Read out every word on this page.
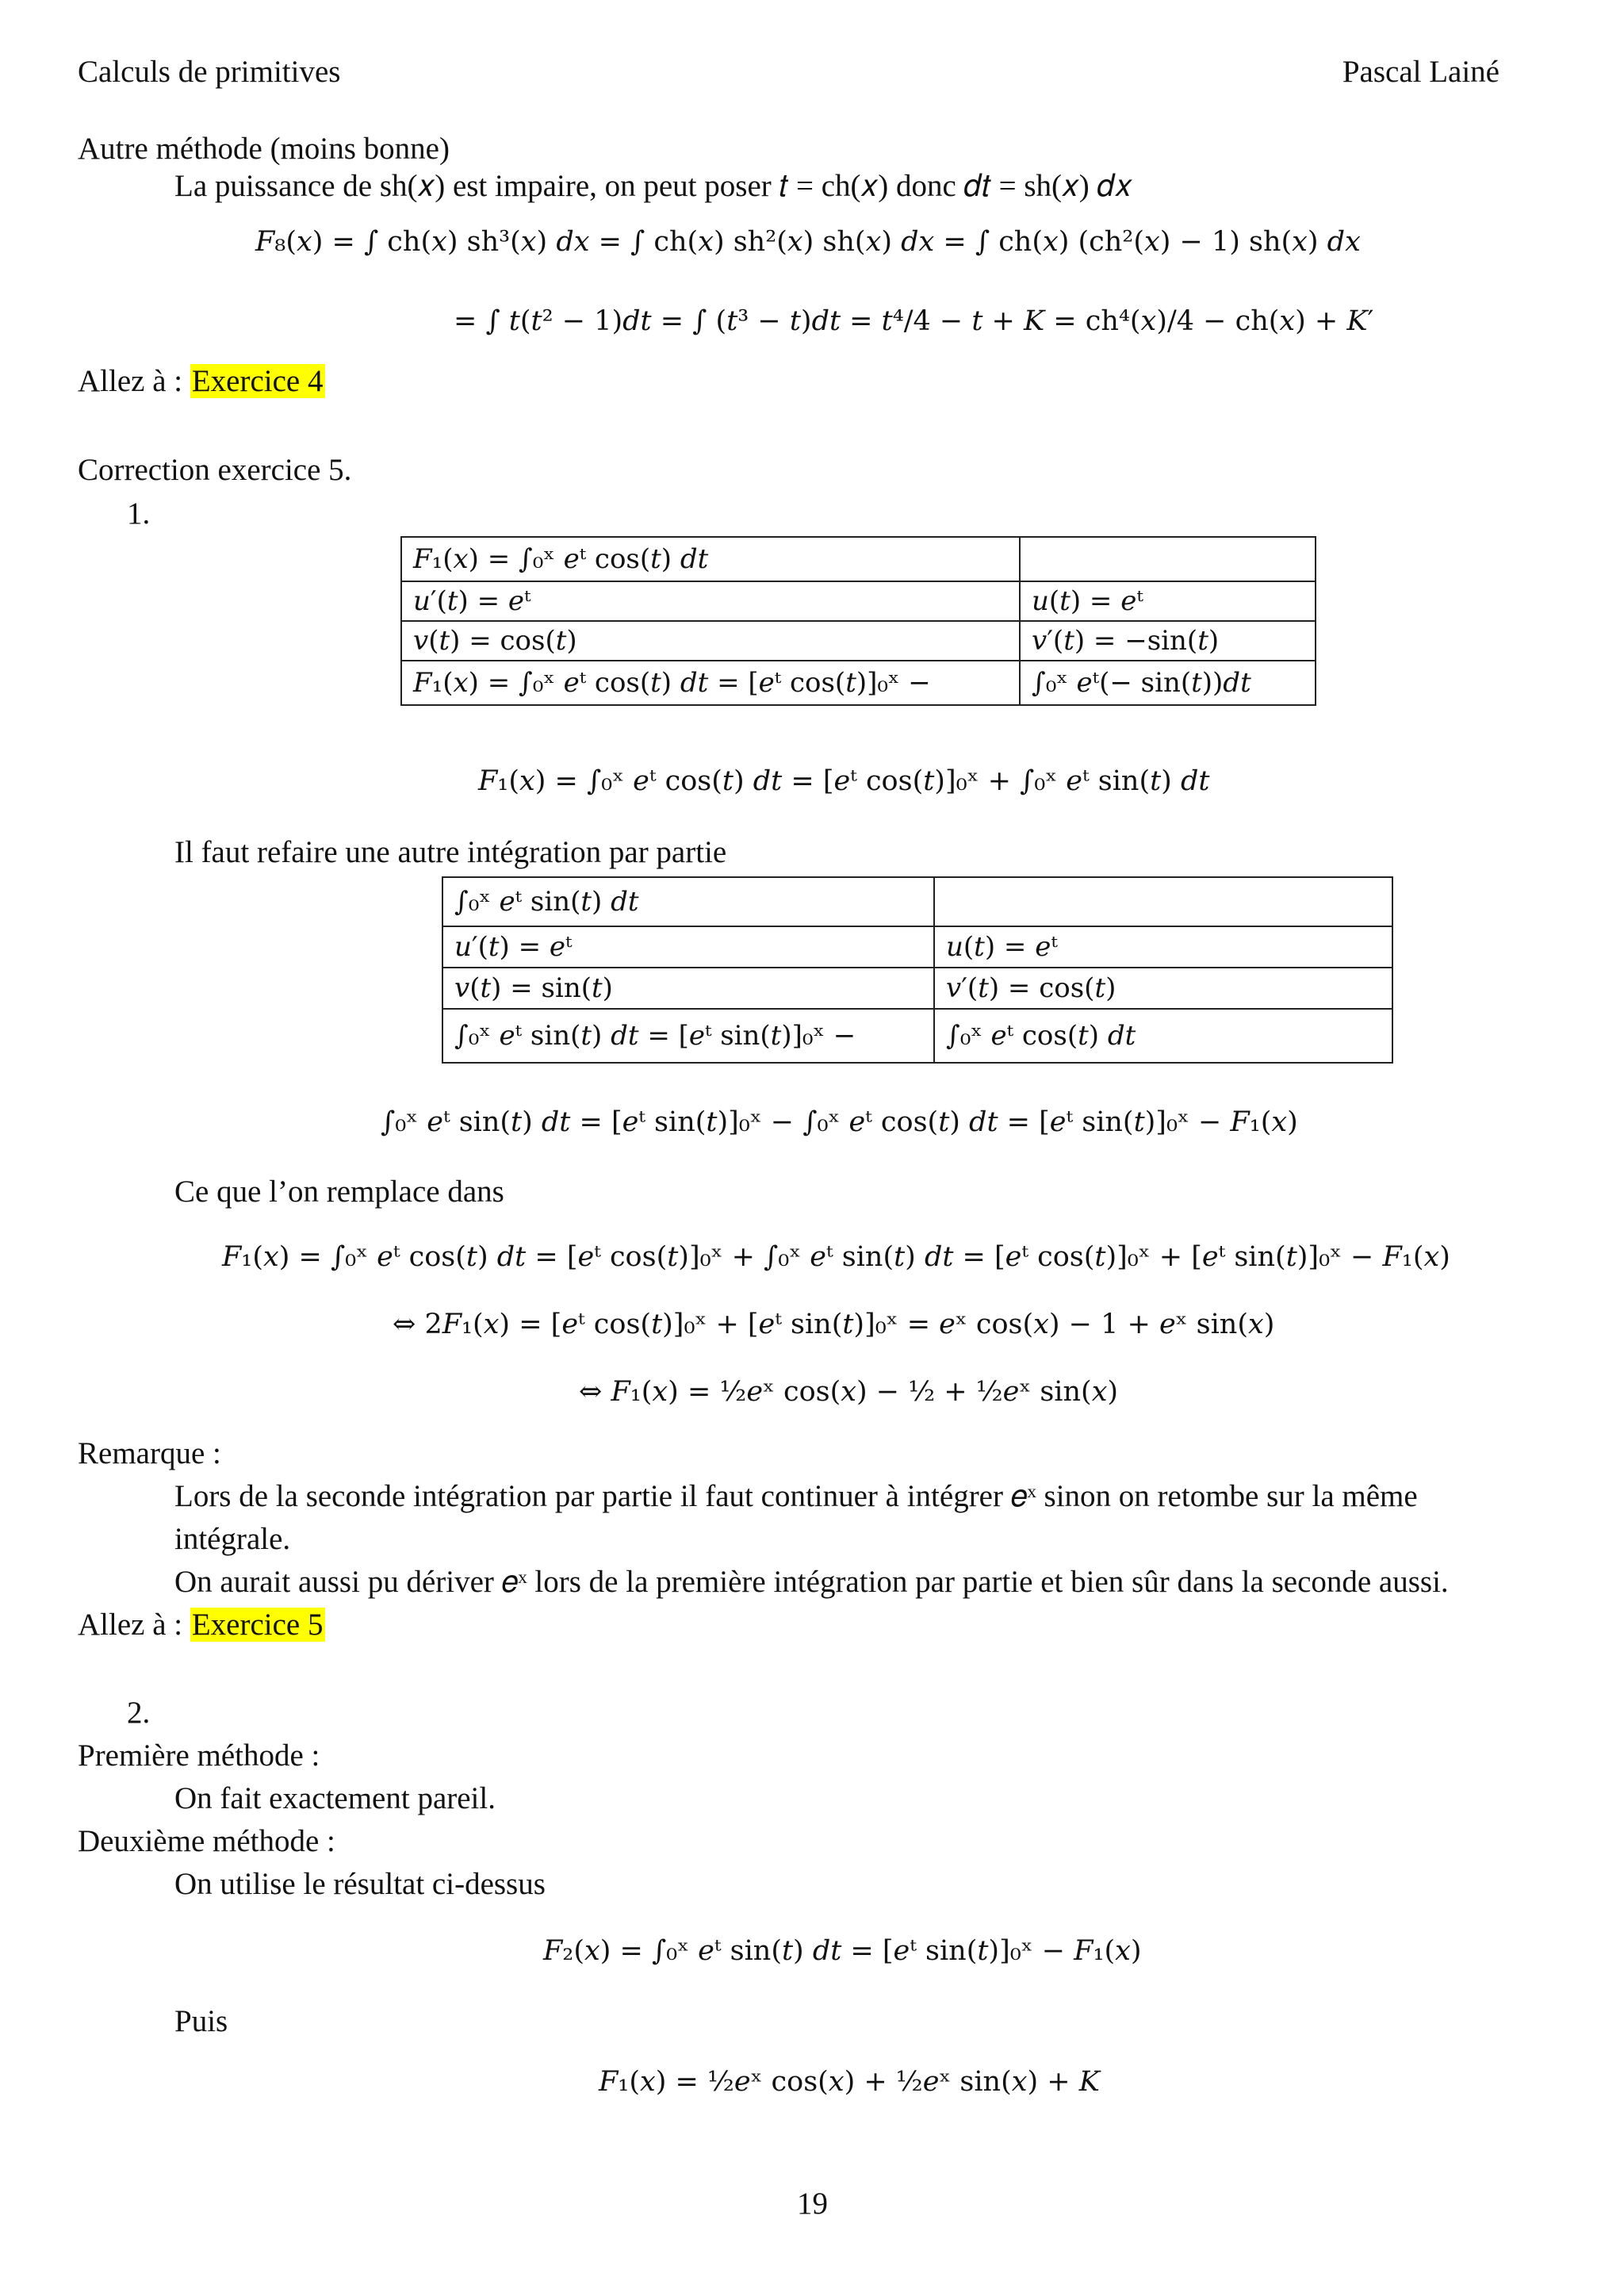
Calculs de primitives	Pascal Lainé
Autre méthode (moins bonne)
La puissance de sh(𝑥) est impaire, on peut poser 𝑡 = ch(𝑥) donc 𝑑𝑡 = sh(𝑥) 𝑑𝑥
𝐹₈(𝑥) = ∫ ch(𝑥) sh³(𝑥) 𝑑𝑥 = ∫ ch(𝑥) sh²(𝑥) sh(𝑥) 𝑑𝑥 = ∫ ch(𝑥) (ch²(𝑥) − 1) sh(𝑥) 𝑑𝑥
= ∫ 𝑡(𝑡² − 1)𝑑𝑡 = ∫ (𝑡³ − 𝑡)𝑑𝑡 = 𝑡⁴/4 − 𝑡 + 𝐾 = ch⁴(𝑥)/4 − ch(𝑥) + 𝐾′
Allez à : Exercice 4
Correction exercice 5.
1.
𝐹₁(𝑥) = ∫₀ˣ 𝑒ᵗ cos(𝑡) 𝑑𝑡	
𝑢′(𝑡) = 𝑒ᵗ	𝑢(𝑡) = 𝑒ᵗ
𝑣(𝑡) = cos(𝑡)	𝑣′(𝑡) = −sin(𝑡)
𝐹₁(𝑥) = ∫₀ˣ 𝑒ᵗ cos(𝑡) 𝑑𝑡 = [𝑒ᵗ cos(𝑡)]₀ˣ −	∫₀ˣ 𝑒ᵗ(− sin(𝑡))𝑑𝑡
𝐹₁(𝑥) = ∫₀ˣ 𝑒ᵗ cos(𝑡) 𝑑𝑡 = [𝑒ᵗ cos(𝑡)]₀ˣ + ∫₀ˣ 𝑒ᵗ sin(𝑡) 𝑑𝑡
Il faut refaire une autre intégration par partie
∫₀ˣ 𝑒ᵗ sin(𝑡) 𝑑𝑡	
𝑢′(𝑡) = 𝑒ᵗ	𝑢(𝑡) = 𝑒ᵗ
𝑣(𝑡) = sin(𝑡)	𝑣′(𝑡) = cos(𝑡)
∫₀ˣ 𝑒ᵗ sin(𝑡) 𝑑𝑡 = [𝑒ᵗ sin(𝑡)]₀ˣ −	∫₀ˣ 𝑒ᵗ cos(𝑡) 𝑑𝑡
∫₀ˣ 𝑒ᵗ sin(𝑡) 𝑑𝑡 = [𝑒ᵗ sin(𝑡)]₀ˣ − ∫₀ˣ 𝑒ᵗ cos(𝑡) 𝑑𝑡 = [𝑒ᵗ sin(𝑡)]₀ˣ − 𝐹₁(𝑥)
Ce que l’on remplace dans
𝐹₁(𝑥) = ∫₀ˣ 𝑒ᵗ cos(𝑡) 𝑑𝑡 = [𝑒ᵗ cos(𝑡)]₀ˣ + ∫₀ˣ 𝑒ᵗ sin(𝑡) 𝑑𝑡 = [𝑒ᵗ cos(𝑡)]₀ˣ + [𝑒ᵗ sin(𝑡)]₀ˣ − 𝐹₁(𝑥)
⇔ 2𝐹₁(𝑥) = [𝑒ᵗ cos(𝑡)]₀ˣ + [𝑒ᵗ sin(𝑡)]₀ˣ = 𝑒ˣ cos(𝑥) − 1 + 𝑒ˣ sin(𝑥)
⇔ 𝐹₁(𝑥) = ½𝑒ˣ cos(𝑥) − ½ + ½𝑒ˣ sin(𝑥)
Remarque :
Lors de la seconde intégration par partie il faut continuer à intégrer 𝑒ˣ sinon on retombe sur la même
intégrale.
On aurait aussi pu dériver 𝑒ˣ lors de la première intégration par partie et bien sûr dans la seconde aussi.
Allez à : Exercice 5
2.
Première méthode :
On fait exactement pareil.
Deuxième méthode :
On utilise le résultat ci-dessus
𝐹₂(𝑥) = ∫₀ˣ 𝑒ᵗ sin(𝑡) 𝑑𝑡 = [𝑒ᵗ sin(𝑡)]₀ˣ − 𝐹₁(𝑥)
Puis
𝐹₁(𝑥) = ½𝑒ˣ cos(𝑥) + ½𝑒ˣ sin(𝑥) + 𝐾
19
